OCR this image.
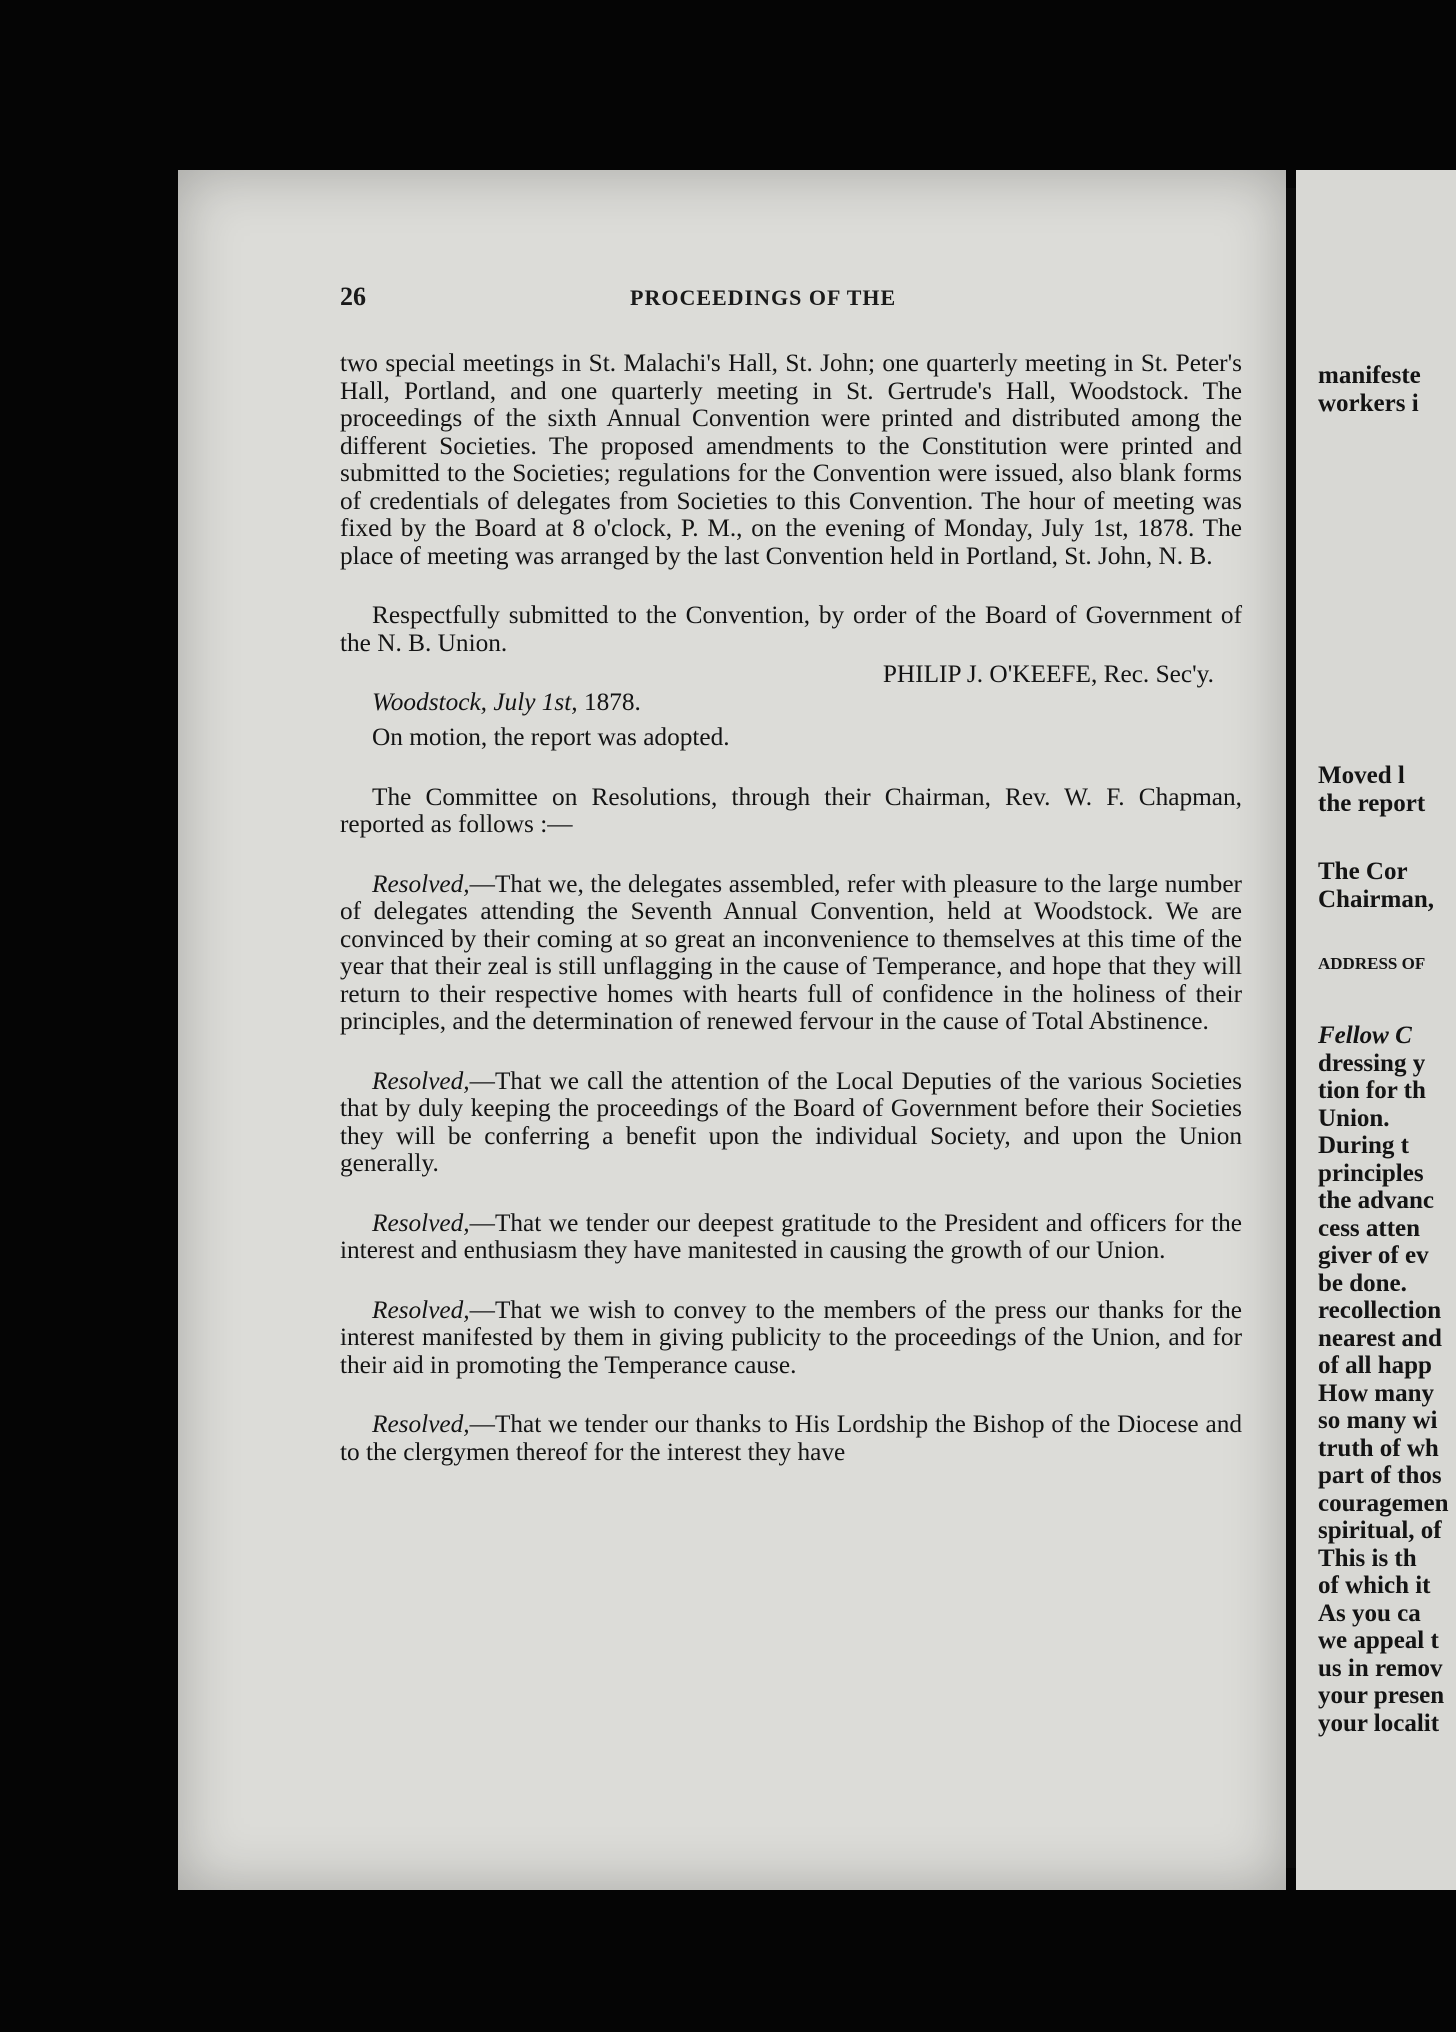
26	PROCEEDINGS OF THE

two special meetings in St. Malachi's Hall, St. John; one quarterly meeting in St. Peter's Hall, Portland, and one quarterly meeting in St. Gertrude's Hall, Woodstock. The proceedings of the sixth Annual Convention were printed and distributed among the different Societies. The proposed amendments to the Constitution were printed and submitted to the Societies; regulations for the Convention were issued, also blank forms of credentials of delegates from Societies to this Convention. The hour of meeting was fixed by the Board at 8 o'clock, P. M., on the evening of Monday, July 1st, 1878. The place of meeting was arranged by the last Convention held in Portland, St. John, N. B.

Respectfully submitted to the Convention, by order of the Board of Government of the N. B. Union.

PHILIP J. O'KEEFE, Rec. Sec'y.

Woodstock, July 1st, 1878.

On motion, the report was adopted.

The Committee on Resolutions, through their Chairman, Rev. W. F. Chapman, reported as follows :—

Resolved,—That we, the delegates assembled, refer with pleasure to the large number of delegates attending the Seventh Annual Convention, held at Woodstock. We are convinced by their coming at so great an inconvenience to themselves at this time of the year that their zeal is still unflagging in the cause of Temperance, and hope that they will return to their respective homes with hearts full of confidence in the holiness of their principles, and the determination of renewed fervour in the cause of Total Abstinence.

Resolved,—That we call the attention of the Local Deputies of the various Societies that by duly keeping the proceedings of the Board of Government before their Societies they will be conferring a benefit upon the individual Society, and upon the Union generally.

Resolved,—That we tender our deepest gratitude to the President and officers for the interest and enthusiasm they have manitested in causing the growth of our Union.

Resolved,—That we wish to convey to the members of the press our thanks for the interest manifested by them in giving publicity to the proceedings of the Union, and for their aid in promoting the Temperance cause.

Resolved,—That we tender our thanks to His Lordship the Bishop of the Diocese and to the clergymen thereof for the interest they have

manifeste

workers i

Moved l

the report

The Cor

Chairman,

ADDRESS OF

Fellow C

dressing y

tion for th

Union.

During t

principles

the advanc

cess atten

giver of ev

be done.

recollection

nearest and

of all happ

How many

so many wi

truth of wh

part of thos

couragemen

spiritual, of

This is th

of which it

As you ca

we appeal t

us in remov

your presen

your localit
